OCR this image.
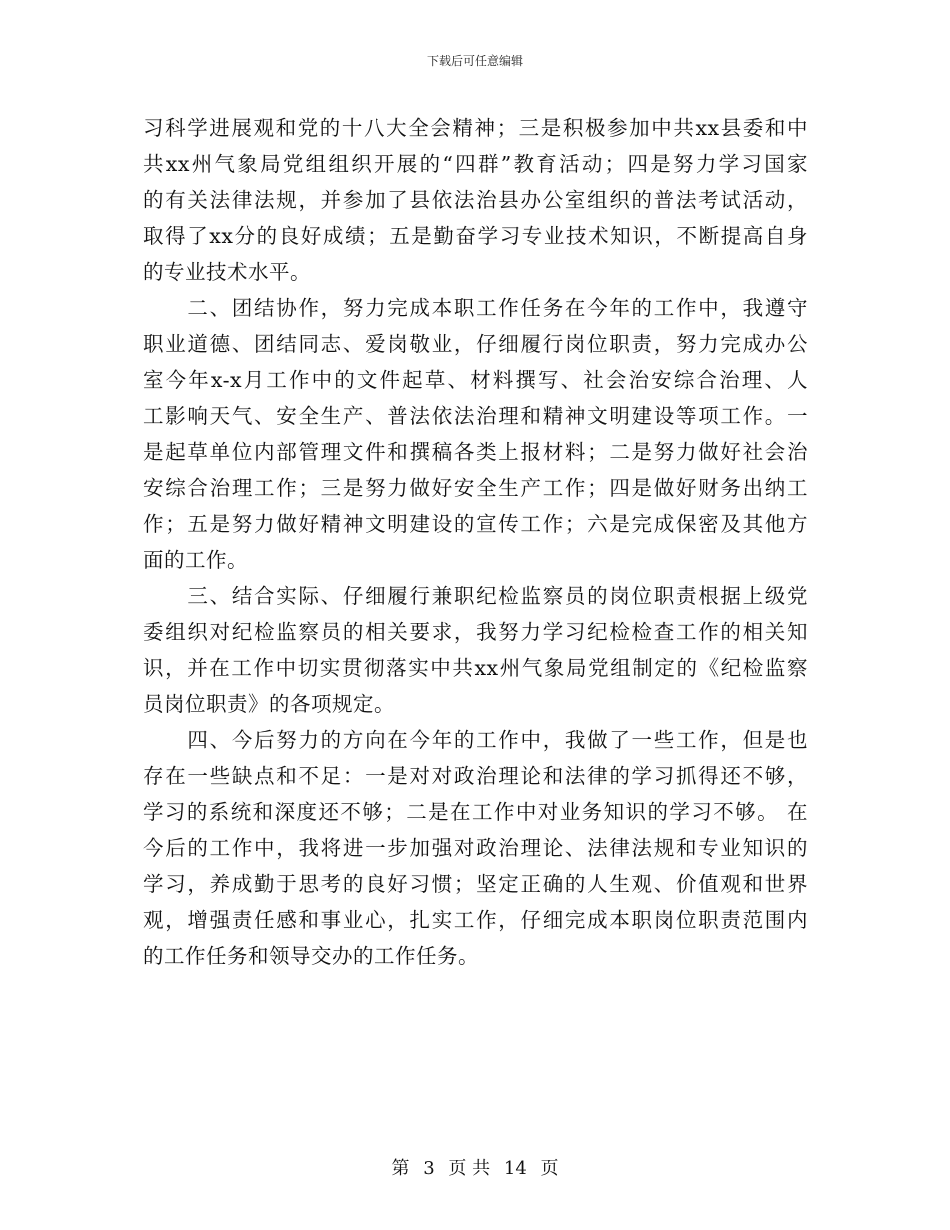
下载后可任意编辑
习科学进展观和党的十八大全会精神；三是积极参加中共xx县委和中
共xx州气象局党组组织开展的“四群”教育活动；四是努力学习国家
的有关法律法规，并参加了县依法治县办公室组织的普法考试活动，
取得了xx分的良好成绩；五是勤奋学习专业技术知识，不断提高自身
的专业技术水平。
　　二、团结协作，努力完成本职工作任务在今年的工作中，我遵守
职业道德、团结同志、爱岗敬业，仔细履行岗位职责，努力完成办公
室今年x-x月工作中的文件起草、材料撰写、社会治安综合治理、人
工影响天气、安全生产、普法依法治理和精神文明建设等项工作。一
是起草单位内部管理文件和撰稿各类上报材料；二是努力做好社会治
安综合治理工作；三是努力做好安全生产工作；四是做好财务出纳工
作；五是努力做好精神文明建设的宣传工作；六是完成保密及其他方
面的工作。
　　三、结合实际、仔细履行兼职纪检监察员的岗位职责根据上级党
委组织对纪检监察员的相关要求，我努力学习纪检检查工作的相关知
识，并在工作中切实贯彻落实中共xx州气象局党组制定的《纪检监察
员岗位职责》的各项规定。
　　四、今后努力的方向在今年的工作中，我做了一些工作，但是也
存在一些缺点和不足：一是对对政治理论和法律的学习抓得还不够，
学习的系统和深度还不够；二是在工作中对业务知识的学习不够。 在
今后的工作中，我将进一步加强对政治理论、法律法规和专业知识的
学习，养成勤于思考的良好习惯；坚定正确的人生观、价值观和世界
观，增强责任感和事业心，扎实工作，仔细完成本职岗位职责范围内
的工作任务和领导交办的工作任务。
第 3 页 共 14 页
